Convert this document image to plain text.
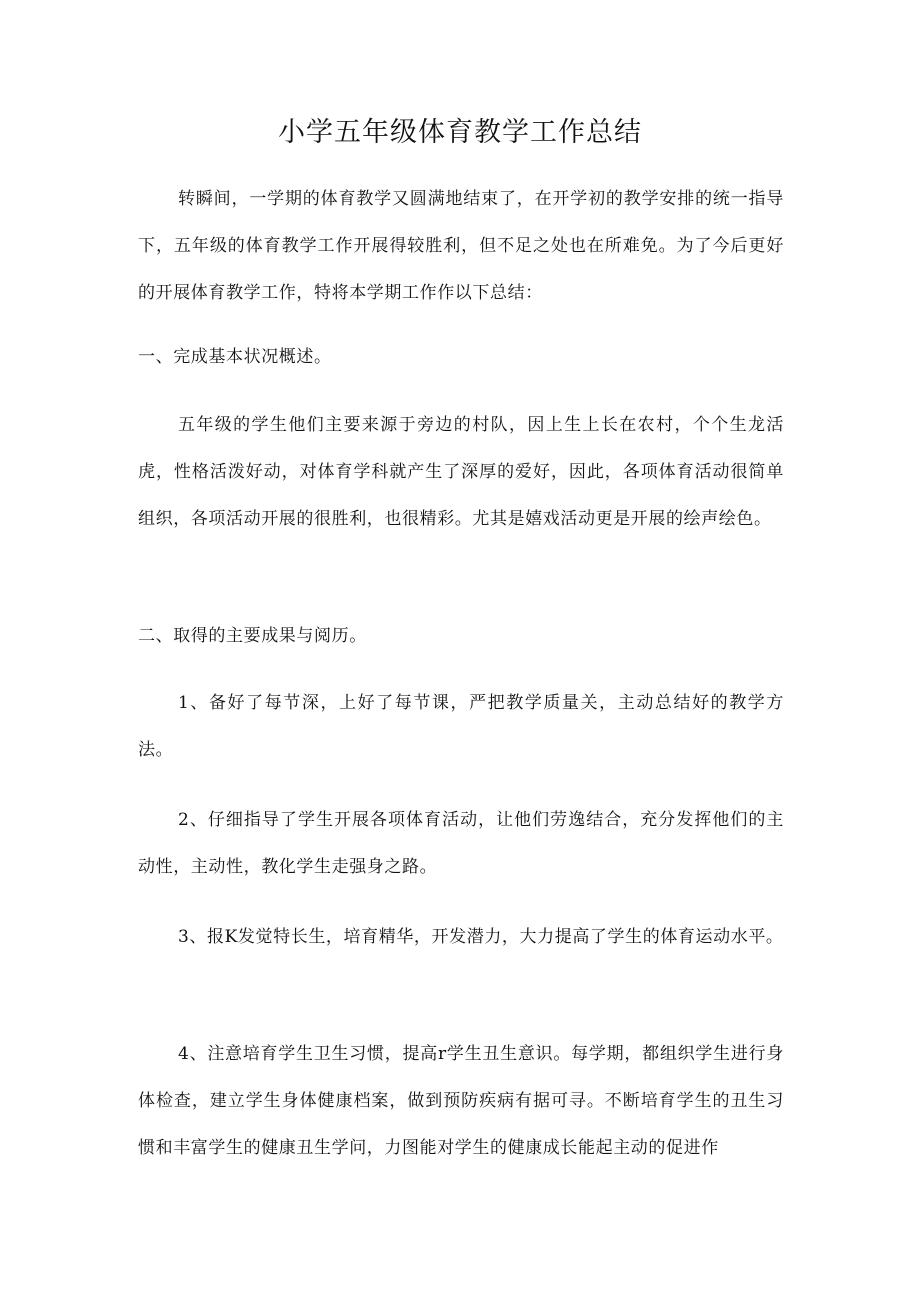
小学五年级体育教学工作总结

转瞬间，一学期的体育教学又圆满地结束了，在开学初的教学安排的统一指导下，五年级的体育教学工作开展得较胜利，但不足之处也在所难免。为了今后更好的开展体育教学工作，特将本学期工作作以下总结：

一、完成基本状况概述。

五年级的学生他们主要来源于旁边的村队，因上生上长在农村，个个生龙活虎，性格活泼好动，对体育学科就产生了深厚的爱好，因此，各项体育活动很简单组织，各项活动开展的很胜利，也很精彩。尤其是嬉戏活动更是开展的绘声绘色。

二、取得的主要成果与阅历。

1、备好了每节深，上好了每节课，严把教学质量关，主动总结好的教学方法。

2、仔细指导了学生开展各项体育活动，让他们劳逸结合，充分发挥他们的主动性，主动性，教化学生走强身之路。

3、报K发觉特长生，培育精华，开发潜力，大力提高了学生的体育运动水平。

4、注意培育学生卫生习惯，提高r学生丑生意识。每学期，都组织学生进行身体检查，建立学生身体健康档案，做到预防疾病有据可寻。不断培育学生的丑生习惯和丰富学生的健康丑生学问，力图能对学生的健康成长能起主动的促进作
